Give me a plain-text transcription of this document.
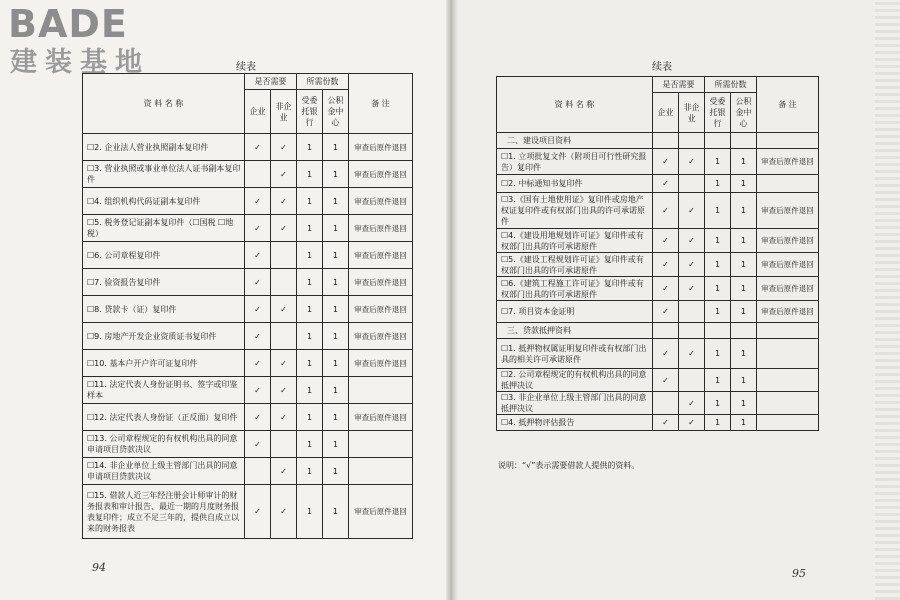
BADE
建装基地	续表	续表
资 料 名 称	是否需要		所需份数		备 注
	企业	非企业	受委托银行	公积金中心	
☐2. 企业法人营业执照副本复印件	✓	✓	1	1	审查后原件退回
☐3. 营业执照或事业单位法人证书副本复印件		✓	1	1	审查后原件退回
☐4. 组织机构代码证副本复印件	✓	✓	1	1	审查后原件退回
☐5. 税务登记证副本复印件（☐国税 ☐地税）	✓	✓	1	1	审查后原件退回
☐6. 公司章程复印件	✓		1	1	审查后原件退回
☐7. 验资报告复印件	✓		1	1	审查后原件退回
☐8. 贷款卡（证）复印件	✓	✓	1	1	审查后原件退回
☐9. 房地产开发企业资质证书复印件	✓		1	1	审查后原件退回
☐10. 基本户开户许可证复印件	✓	✓	1	1	审查后原件退回
☐11. 法定代表人身份证明书、签字或印鉴样本	✓	✓	1	1	
☐12. 法定代表人身份证（正反面）复印件	✓	✓	1	1	审查后原件退回
☐13. 公司章程规定的有权机构出具的同意申请项目贷款决议	✓		1	1	
☐14. 非企业单位上级主管部门出具的同意申请项目贷款决议		✓	1	1	
☐15. 借款人近三年经注册会计师审计的财务报表和审计报告、最近一期的月度财务报表复印件；成立不足三年的，提供自成立以来的财务报表	✓	✓	1	1	审查后原件退回
资 料 名 称	是否需要		所需份数		备 注
	企业	非企业	受委托银行	公积金中心	
二、建设项目资料					
☐1. 立项批复文件（附项目可行性研究报告）复印件	✓	✓	1	1	审查后原件退回
☐2. 中标通知书复印件	✓		1	1	
☐3.《国有土地使用证》复印件或房地产权证复印件或有权部门出具的许可承诺原件	✓	✓	1	1	审查后原件退回
☐4.《建设用地规划许可证》复印件或有权部门出具的许可承诺原件	✓	✓	1	1	审查后原件退回
☐5.《建设工程规划许可证》复印件或有权部门出具的许可承诺原件	✓	✓	1	1	审查后原件退回
☐6.《建筑工程施工许可证》复印件或有权部门出具的许可承诺原件	✓	✓	1	1	审查后原件退回
☐7. 项目资本金证明	✓		1	1	审查后原件退回
三、贷款抵押资料					
☐1. 抵押物权属证明复印件或有权部门出具的相关许可承诺原件	✓	✓	1	1	
☐2. 公司章程规定的有权机构出具的同意抵押决议	✓		1	1	
☐3. 非企业单位上级主管部门出具的同意抵押决议		✓	1	1	
☐4. 抵押物评估报告	✓	✓	1	1	
说明：“√”表示需要借款人提供的资料。
94	95
